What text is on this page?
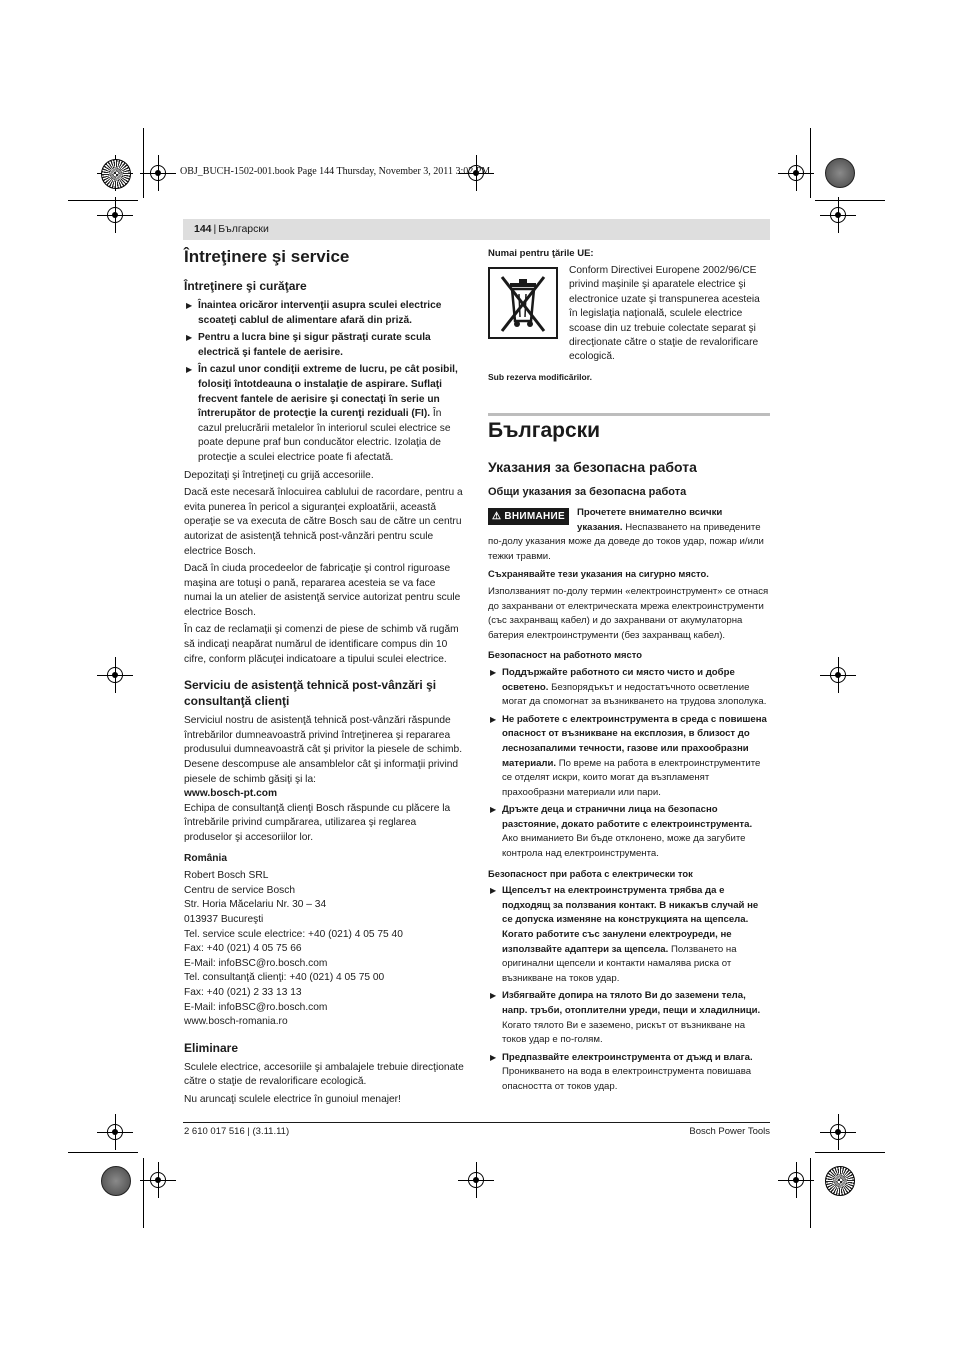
OBJ_BUCH-1502-001.book Page 144 Thursday, November 3, 2011 3:02 PM
144 | Български
Întreţinere şi service
Întreţinere şi curăţare
▶ Înaintea oricăror intervenţii asupra sculei electrice scoateţi cablul de alimentare afară din priză.
▶ Pentru a lucra bine şi sigur păstraţi curate scula electrică şi fantele de aerisire.
▶ În cazul unor condiţii extreme de lucru, pe cât posibil, folosiţi întotdeauna o instalaţie de aspirare. Suflaţi frecvent fantele de aerisire şi conectaţi în serie un întrerupător de protecţie la curenţi reziduali (FI). În cazul prelucrării metalelor în interiorul sculei electrice se poate depune praf bun conducător electric. Izolaţia de protecţie a sculei electrice poate fi afectată.

Depozitaţi şi întreţineţi cu grijă accesoriile.

Dacă este necesară înlocuirea cablului de racordare, pentru a evita punerea în pericol a siguranţei exploatării, aceastǎ operaţie se va executa de către Bosch sau de către un centru autorizat de asistenţă tehnică post-vânzări pentru scule electrice Bosch.

Dacă în ciuda procedeelor de fabricaţie şi control riguroase maşina are totuşi o pană, repararea acesteia se va face numai la un atelier de asistenţă service autorizat pentru scule electrice Bosch.

În caz de reclamaţii şi comenzi de piese de schimb vă rugăm să indicaţi neapărat numărul de identificare compus din 10 cifre, conform plăcuţei indicatoare a tipului sculei electrice.

Serviciu de asistenţă tehnică post-vânzări şi consultanţă clienţi

Serviciul nostru de asistenţă tehnică post-vânzări răspunde întrebărilor dumneavoastră privind întreţinerea şi repararea produsului dumneavoastră cât şi privitor la piesele de schimb. Desene descompuse ale ansamblelor cât şi informaţii privind piesele de schimb găsiţi şi la:

www.bosch-pt.com

Echipa de consultanţă clienţi Bosch răspunde cu plăcere la întrebările privind cumpărarea, utilizarea şi reglarea produselor şi accesoriilor lor.

România
Robert Bosch SRL
Centru de service Bosch
Str. Horia Măcelariu Nr. 30 – 34
013937 Bucureşti
Tel. service scule electrice: +40 (021) 4 05 75 40
Fax: +40 (021) 4 05 75 66
E-Mail: infoBSC@ro.bosch.com
Tel. consultanţă clienţi: +40 (021) 4 05 75 00
Fax: +40 (021) 2 33 13 13
E-Mail: infoBSC@ro.bosch.com
www.bosch-romania.ro
Eliminare

Sculele electrice, accesoriile şi ambalajele trebuie direcţionate către o staţie de revalorificare ecologică.

Nu aruncaţi sculele electrice în gunoiul menajer!

Numai pentru ţările UE:
Conform Directivei Europene 2002/96/CE privind maşinile şi aparatele electrice şi electronice uzate şi transpunerea acesteia în legislaţia naţională, sculele electrice scoase din uz trebuie colectate separat şi direcţionate către o staţie de revalorificare ecologică.
Sub rezerva modificărilor.
Български
Указания за безопасна работа
Общи указания за безопасна работа
⚠ ВНИМАНИЕ	Прочетете внимателно всички указания. Неспазването на приведените по-долу указания може да доведе до токов удар, пожар и/или тежки травми.

Съхранявайте тези указания на сигурно място.

Използваният по-долу термин «електроинструмент» се отнася до захранвани от електрическата мрежа електроинструменти (със захранващ кабел) и до захранвани от акумулаторна батерия електроинструменти (без захранващ кабел).

Безопасност на работното място
▶ Поддържайте работното си място чисто и добре осветено. Безпорядъкът и недостатъчното осветление могат да спомогнат за възникването на трудова злополука.
▶ Не работете с електроинструмента в среда с повишена опасност от възникване на експлозия, в близост до леснозапалими течности, газове или прахообразни материали. По време на работа в електроинструментите се отделят искри, които могат да възпламенят прахообразни материали или пари.
▶ Дръжте деца и странични лица на безопасно разстояние, докато работите с електроинструмента. Ако вниманието Ви бъде отклонено, може да загубите контрола над електроинструмента.
Безопасност при работа с електрически ток
▶ Щепселът на електроинструмента трябва да е подходящ за ползвания контакт. В никакъв случай не се допуска изменяне на конструкцията на щепсела. Когато работите със занулени електроуреди, не използвайте адаптери за щепсела. Ползването на оригинални щепсели и контакти намалява риска от възникване на токов удар.
▶ Избягвайте допира на тялото Ви до заземени тела, напр. тръби, отоплителни уреди, пещи и хладилници. Когато тялото Ви е заземено, рискът от възникване на токов удар е по-голям.
▶ Предпазвайте електроинструмента от дъжд и влага. Проникването на вода в електроинструмента повишава опасността от токов удар.
2 610 017 516 | (3.11.11)	Bosch Power Tools
